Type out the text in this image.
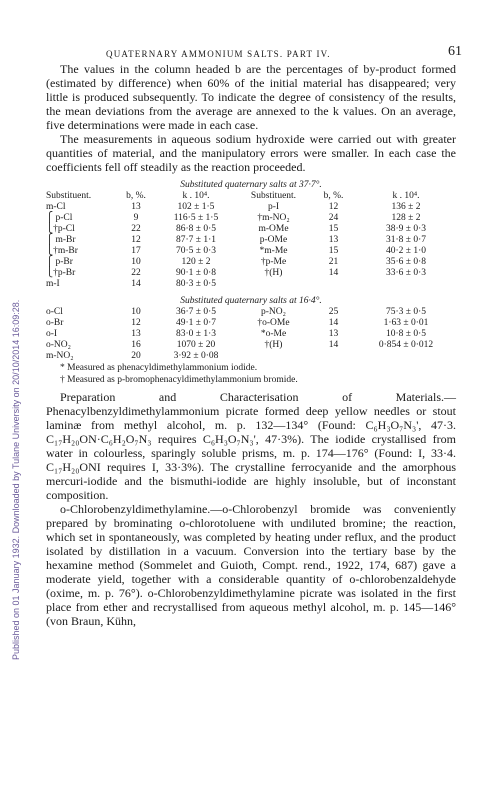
Published on 01 January 1932. Downloaded by Tulane University on 20/10/2014 16:09:28.
QUATERNARY AMMONIUM SALTS. PART IV.	61

The values in the column headed b are the percentages of by-product formed (estimated by difference) when 60% of the initial material has disappeared; very little is produced subsequently. To indicate the degree of consistency of the results, the mean deviations from the average are annexed to the k values. On an average, five determinations were made in each case.

The measurements in aqueous sodium hydroxide were carried out with greater quantities of material, and the manipulatory errors were smaller. In each case the coefficients fell off steadily as the reaction proceeded.

Substituted quaternary salts at 37·7°.
Substituent.	b, %.	k . 10⁴.	Substituent.	b, %.	k . 10⁴.
m-Cl	13	102 ± 1·5	p-I	12	136 ± 2
⎧ p-Cl	9	116·5 ± 1·5	†m-NO₂	24	128 ± 2
⎩†p-Cl	22	86·8 ± 0·5	m-OMe	15	38·9 ± 0·3
⎧ m-Br	12	87·7 ± 1·1	p-OMe	13	31·8 ± 0·7
⎩†m-Br	17	70·5 ± 0·3	*m-Me	15	40·2 ± 1·0
⎧ p-Br	10	120 ± 2	†p-Me	21	35·6 ± 0·8
⎩†p-Br	22	90·1 ± 0·8	†(H)	14	33·6 ± 0·3
m-I	14	80·3 ± 0·5			
Substituted quaternary salts at 16·4°.
o-Cl	10	36·7 ± 0·5	p-NO₂	25	75·3 ± 0·5
o-Br	12	49·1 ± 0·7	†o-OMe	14	1·63 ± 0·01
o-I	13	83·0 ± 1·3	*o-Me	13	10·8 ± 0·5
o-NO₂	16	1070 ± 20	†(H)	14	0·854 ± 0·012
m-NO₂	20	3·92 ± 0·08			
* Measured as phenacyldimethylammonium iodide.
† Measured as p-bromophenacyldimethylammonium bromide.

Preparation and Characterisation of Materials.—Phenacylbenzyldimethylammonium picrate formed deep yellow needles or stout laminæ from methyl alcohol, m. p. 132—134° (Found: C₆H₃O₇N₃', 47·3. C₁₇H₂₀ON·C₆H₂O₇N₃ requires C₆H₃O₇N₃', 47·3%). The iodide crystallised from water in colourless, sparingly soluble prisms, m. p. 174—176° (Found: I, 33·4. C₁₇H₂₀ONI requires I, 33·3%). The crystalline ferrocyanide and the amorphous mercuri-iodide and the bismuthi-iodide are highly insoluble, but of inconstant composition.

o-Chlorobenzyldimethylamine.—o-Chlorobenzyl bromide was conveniently prepared by brominating o-chlorotoluene with undiluted bromine; the reaction, which set in spontaneously, was completed by heating under reflux, and the product isolated by distillation in a vacuum. Conversion into the tertiary base by the hexamine method (Sommelet and Guioth, Compt. rend., 1922, 174, 687) gave a moderate yield, together with a considerable quantity of o-chlorobenzaldehyde (oxime, m. p. 76°). o-Chlorobenzyldimethylamine picrate was isolated in the first place from ether and recrystallised from aqueous methyl alcohol, m. p. 145—146° (von Braun, Kühn,
